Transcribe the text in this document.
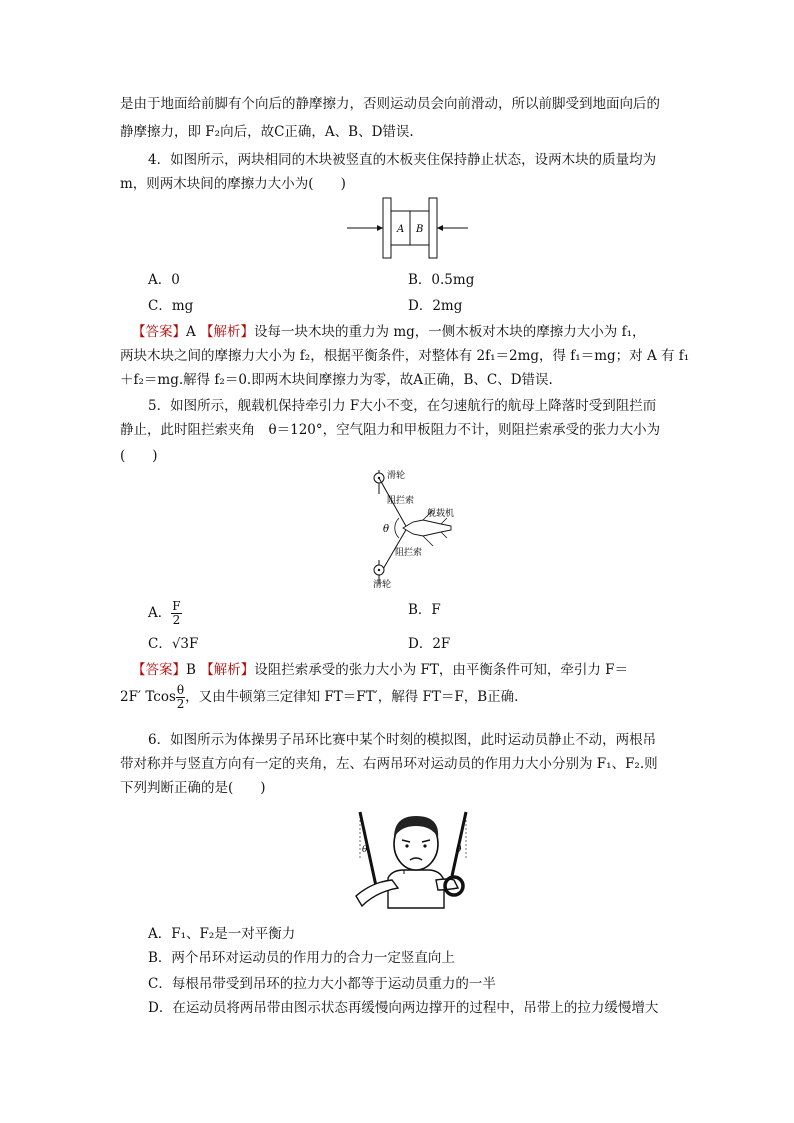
是由于地面给前脚有个向后的静摩擦力，否则运动员会向前滑动，所以前脚受到地面向后的
静摩擦力，即 F₂向后，故C正确，A、B、D错误.
4．如图所示，两块相同的木块被竖直的木板夹住保持静止状态，设两木块的质量均为
m，则两木块间的摩擦力大小为(　　)
A B
A．0	B．0.5mg
C．mg	D．2mg
【答案】A 【解析】设每一块木块的重力为 mg，一侧木板对木块的摩擦力大小为 f₁，
两块木块之间的摩擦力大小为 f₂，根据平衡条件，对整体有 2f₁＝2mg，得 f₁＝mg；对 A 有 f₁
＋f₂＝mg.解得 f₂＝0.即两木块间摩擦力为零，故A正确，B、C、D错误.
5．如图所示，舰载机保持牵引力 F大小不变，在匀速航行的航母上降落时受到阻拦而
静止，此时阻拦索夹角　θ＝120°，空气阻力和甲板阻力不计，则阻拦索承受的张力大小为
(　　)
滑轮
阻拦索
舰载机
θ
阻拦索
滑轮
A． $\frac{F}{2}$	B．F
C．√3F	D．2F
【答案】B 【解析】设阻拦索承受的张力大小为 FT，由平衡条件可知，牵引力 F＝
2F′ Tcos $\frac{\theta}{2}$ ，又由牛顿第三定律知 FT＝FT′，解得 FT＝F，B正确.
6．如图所示为体操男子吊环比赛中某个时刻的模拟图，此时运动员静止不动，两根吊
带对称并与竖直方向有一定的夹角，左、右两吊环对运动员的作用力大小分别为 F₁、F₂.则
下列判断正确的是(　　)
θ	θ
A．F₁、F₂是一对平衡力
B．两个吊环对运动员的作用力的合力一定竖直向上
C．每根吊带受到吊环的拉力大小都等于运动员重力的一半
D．在运动员将两吊带由图示状态再缓慢向两边撑开的过程中，吊带上的拉力缓慢增大
